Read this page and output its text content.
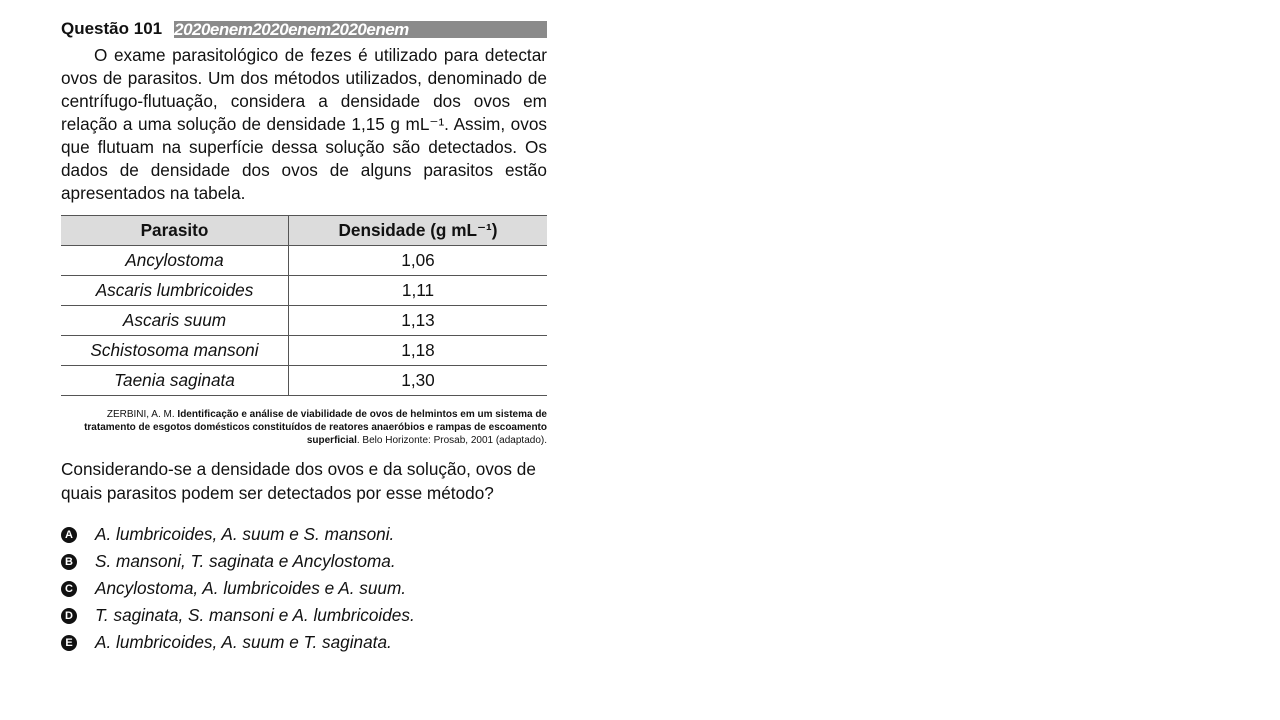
Questão 101 2020enem2020enem2020enem

O exame parasitológico de fezes é utilizado para detectar ovos de parasitos. Um dos métodos utilizados, denominado de centrífugo-flutuação, considera a densidade dos ovos em relação a uma solução de densidade 1,15 g mL⁻¹. Assim, ovos que flutuam na superfície dessa solução são detectados. Os dados de densidade dos ovos de alguns parasitos estão apresentados na tabela.

Parasito	Densidade (g mL⁻¹)
Ancylostoma	1,06
Ascaris lumbricoides	1,11
Ascaris suum	1,13
Schistosoma mansoni	1,18
Taenia saginata	1,30
ZERBINI, A. M. Identificação e análise de viabilidade de ovos de helmintos em um sistema de tratamento de esgotos domésticos constituídos de reatores anaeróbios e rampas de escoamento superficial. Belo Horizonte: Prosab, 2001 (adaptado).
Considerando-se a densidade dos ovos e da solução, ovos de quais parasitos podem ser detectados por esse método?
A A. lumbricoides, A. suum e S. mansoni.
B S. mansoni, T. saginata e Ancylostoma.
C Ancylostoma, A. lumbricoides e A. suum.
D T. saginata, S. mansoni e A. lumbricoides.
E A. lumbricoides, A. suum e T. saginata.
